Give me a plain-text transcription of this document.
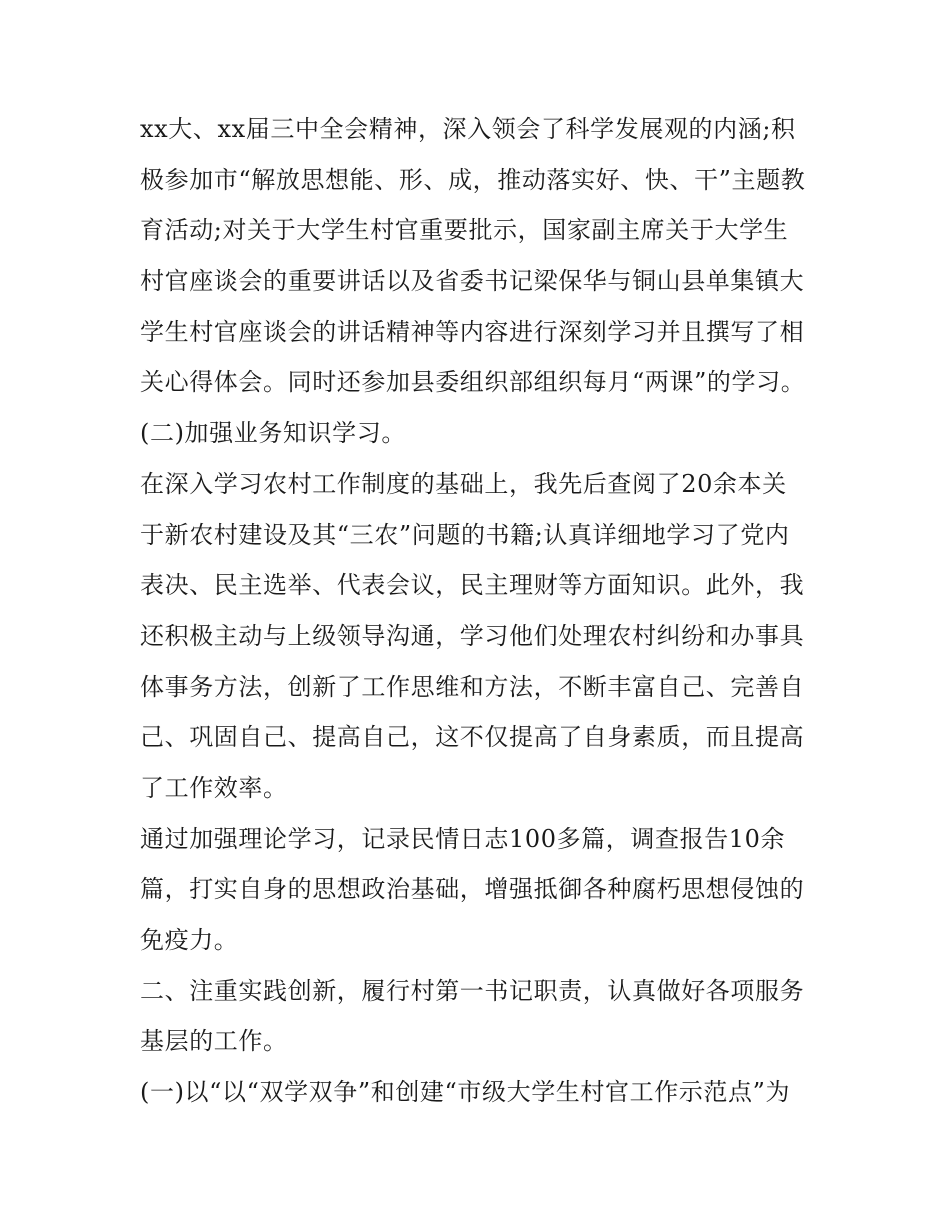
xx大、xx届三中全会精神，深入领会了科学发展观的内涵;积
极参加市“解放思想能、形、成，推动落实好、快、干”主题教
育活动;对关于大学生村官重要批示，国家副主席关于大学生
村官座谈会的重要讲话以及省委书记梁保华与铜山县单集镇大
学生村官座谈会的讲话精神等内容进行深刻学习并且撰写了相
关心得体会。同时还参加县委组织部组织每月“两课”的学习。
(二)加强业务知识学习。
在深入学习农村工作制度的基础上，我先后查阅了20余本关
于新农村建设及其“三农”问题的书籍;认真详细地学习了党内
表决、民主选举、代表会议，民主理财等方面知识。此外，我
还积极主动与上级领导沟通，学习他们处理农村纠纷和办事具
体事务方法，创新了工作思维和方法，不断丰富自己、完善自
己、巩固自己、提高自己，这不仅提高了自身素质，而且提高
了工作效率。
通过加强理论学习，记录民情日志100多篇，调查报告10余
篇，打实自身的思想政治基础，增强抵御各种腐朽思想侵蚀的
免疫力。
二、注重实践创新，履行村第一书记职责，认真做好各项服务
基层的工作。
(一)以“以“双学双争”和创建“市级大学生村官工作示范点”为
